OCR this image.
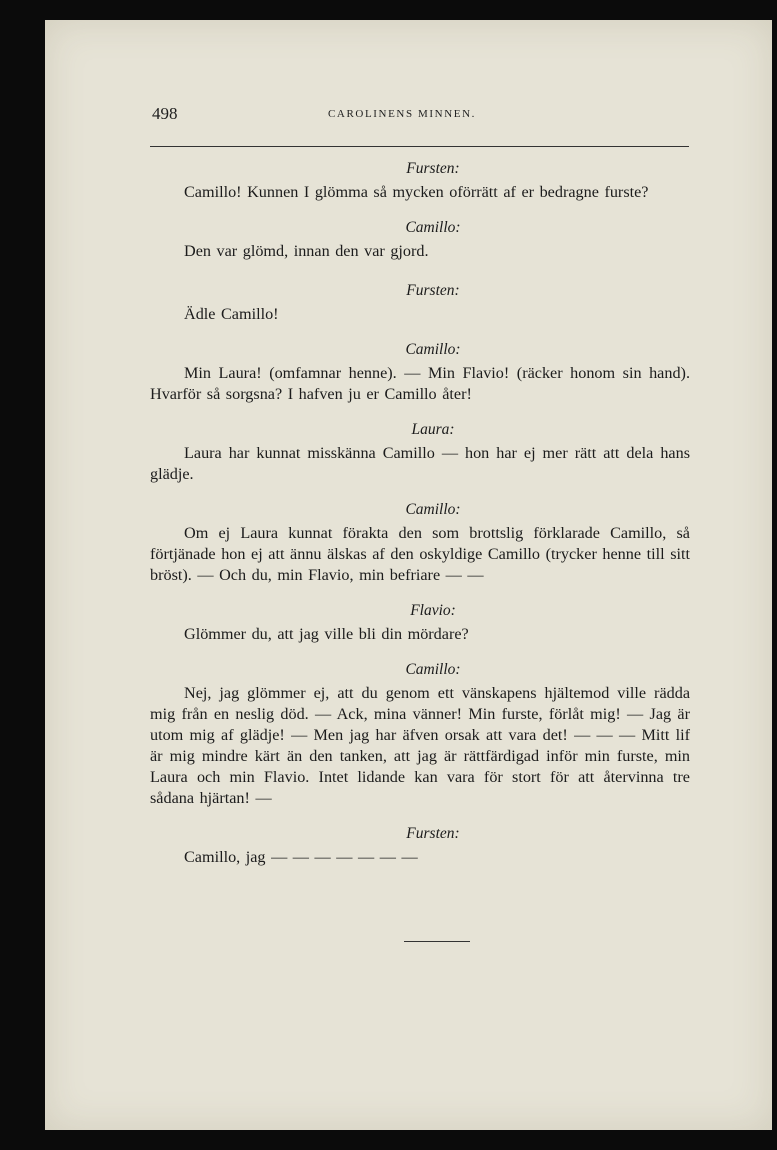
498	CAROLINENS MINNEN.
Fursten:
Camillo! Kunnen I glömma så mycken oförrätt af er bedragne furste?
Camillo:
Den var glömd, innan den var gjord.
Fursten:
Ädle Camillo!
Camillo:
Min Laura! (omfamnar henne). — Min Flavio! (räcker honom sin hand). Hvarför så sorgsna? I hafven ju er Camillo åter!
Laura:
Laura har kunnat misskänna Camillo — hon har ej mer rätt att dela hans glädje.
Camillo:
Om ej Laura kunnat förakta den som brottslig förklarade Camillo, så förtjänade hon ej att ännu älskas af den oskyldige Camillo (trycker henne till sitt bröst). — Och du, min Flavio, min befriare — —
Flavio:
Glömmer du, att jag ville bli din mördare?
Camillo:
Nej, jag glömmer ej, att du genom ett vänskapens hjältemod ville rädda mig från en neslig död. — Ack, mina vänner! Min furste, förlåt mig! — Jag är utom mig af glädje! — Men jag har äfven orsak att vara det! — — — Mitt lif är mig mindre kärt än den tanken, att jag är rättfärdigad inför min furste, min Laura och min Flavio. Intet lidande kan vara för stort för att återvinna tre sådana hjärtan! —
Fursten:
Camillo, jag — — — — — — —
